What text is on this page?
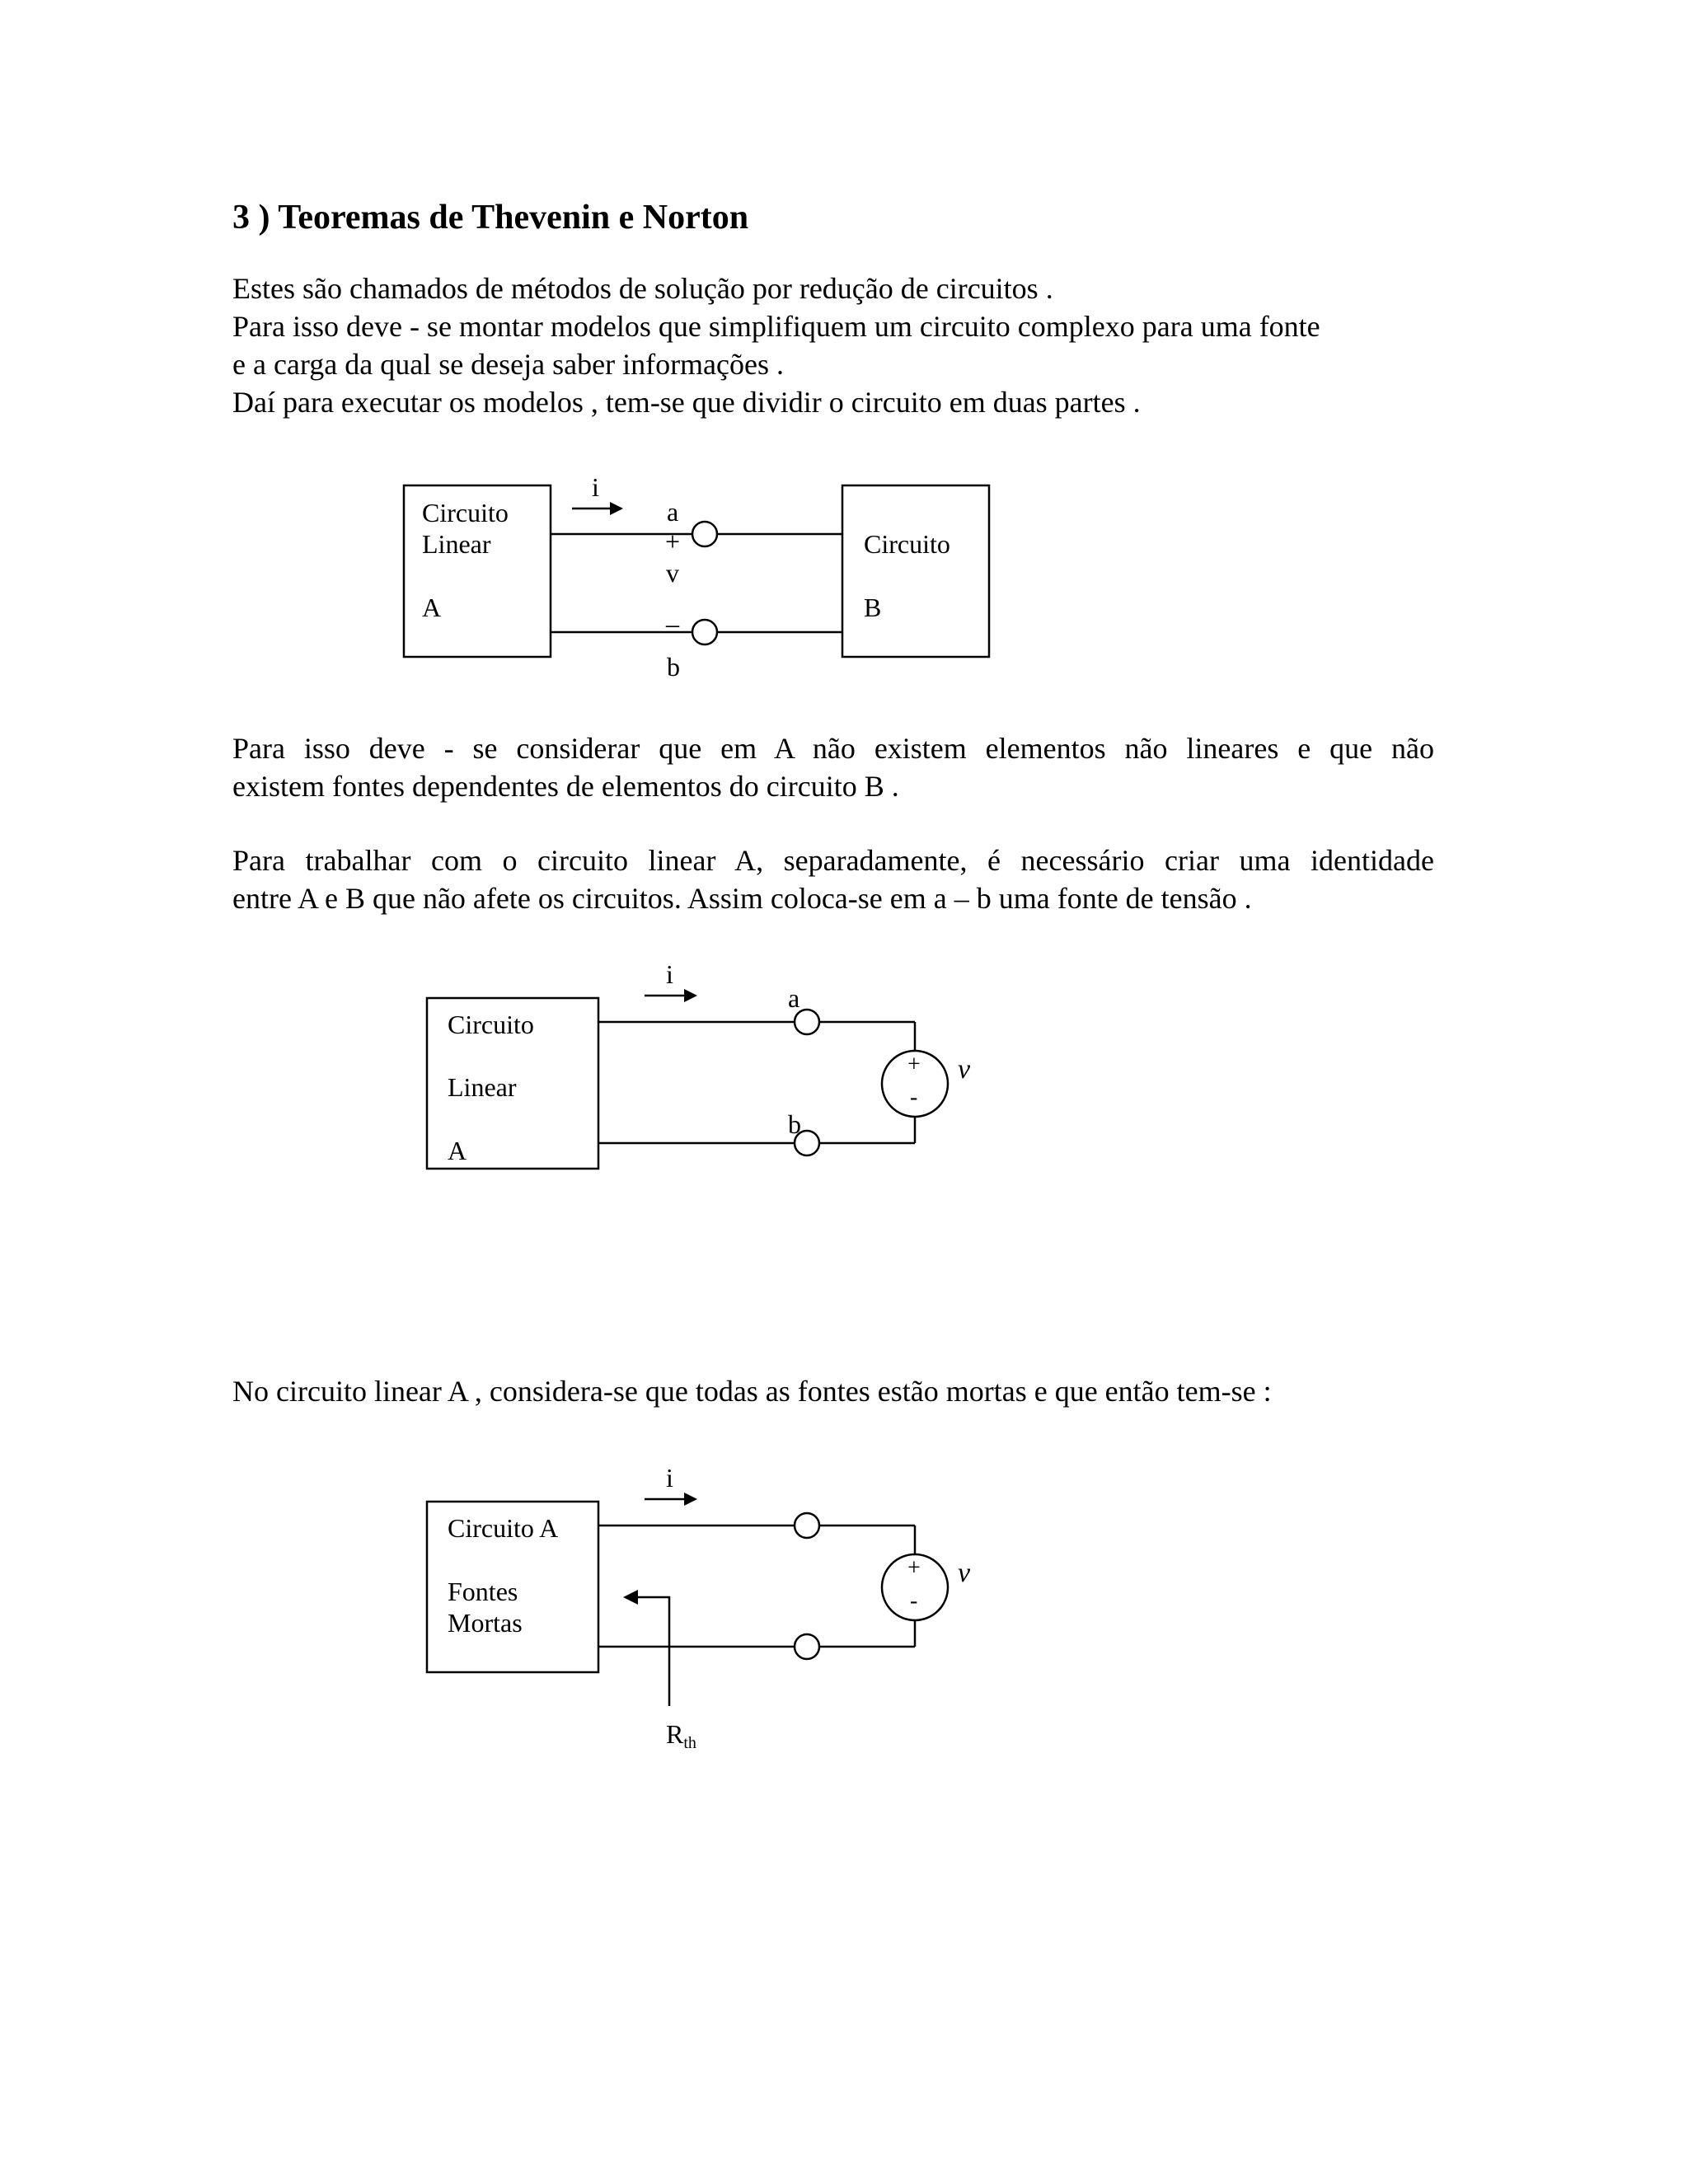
3 ) Teoremas de Thevenin e Norton
Estes são chamados de métodos de solução por redução de circuitos .
Para isso deve - se montar modelos que simplifiquem um circuito complexo para uma fonte
e a carga da qual se deseja saber informações .
Daí para executar os modelos , tem-se que dividir o circuito em duas partes .
Circuito
Linear
A
i
a
+
v
_
b
Circuito
B
Para isso deve - se considerar que em A não existem elementos não lineares e que não
existem fontes dependentes de elementos do circuito B .
Para trabalhar com o circuito linear A, separadamente, é necessário criar uma identidade
entre A e B que não afete os circuitos. Assim coloca-se em a – b uma fonte de tensão .
Circuito
Linear
A
+
-
v
i
a
b
No circuito linear A , considera-se que todas as fontes estão mortas e que então tem-se :
Circuito A
Fontes
Mortas
+
-
v
i
Rth
